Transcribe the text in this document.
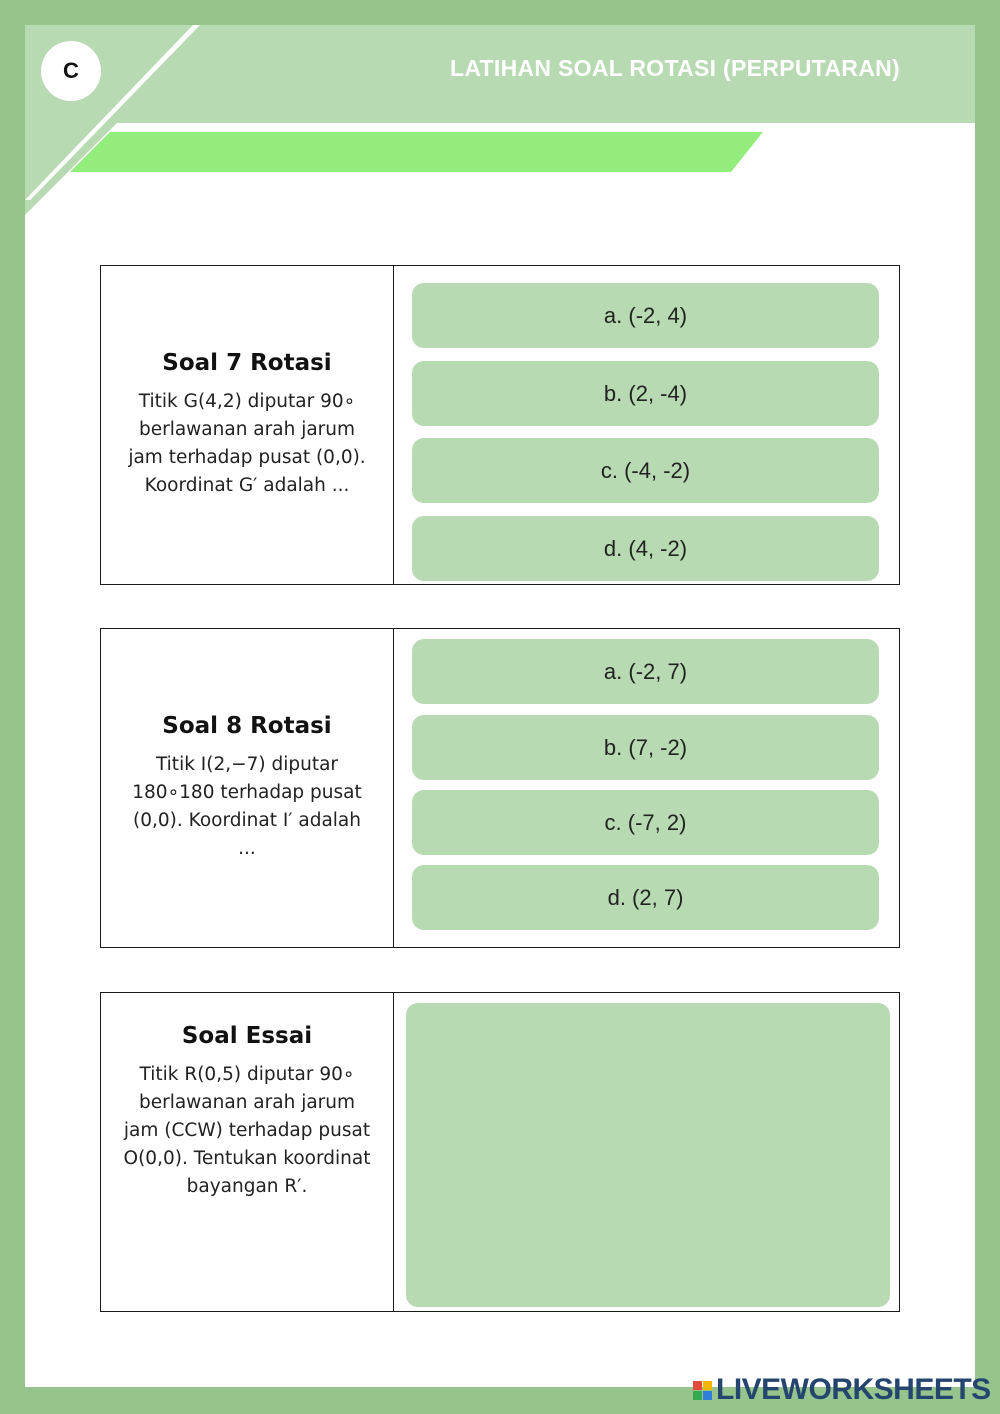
C	LATIHAN SOAL ROTASI (PERPUTARAN)
Soal 7 Rotasi

Titik G(4,2) diputar 90∘ berlawanan arah jarum jam terhadap pusat (0,0). Koordinat G′ adalah ...

a. (-2, 4)
b. (2, -4)
c. (-4, -2)
d. (4, -2)
Soal 8 Rotasi

Titik I(2,−7) diputar 180∘180 terhadap pusat (0,0). Koordinat I′ adalah ...

a. (-2, 7)
b. (7, -2)
c. (-7, 2)
d. (2, 7)
Soal Essai

Titik R(0,5) diputar 90∘ berlawanan arah jarum jam (CCW) terhadap pusat O(0,0). Tentukan koordinat bayangan R′.

LIVEWORKSHEETS
